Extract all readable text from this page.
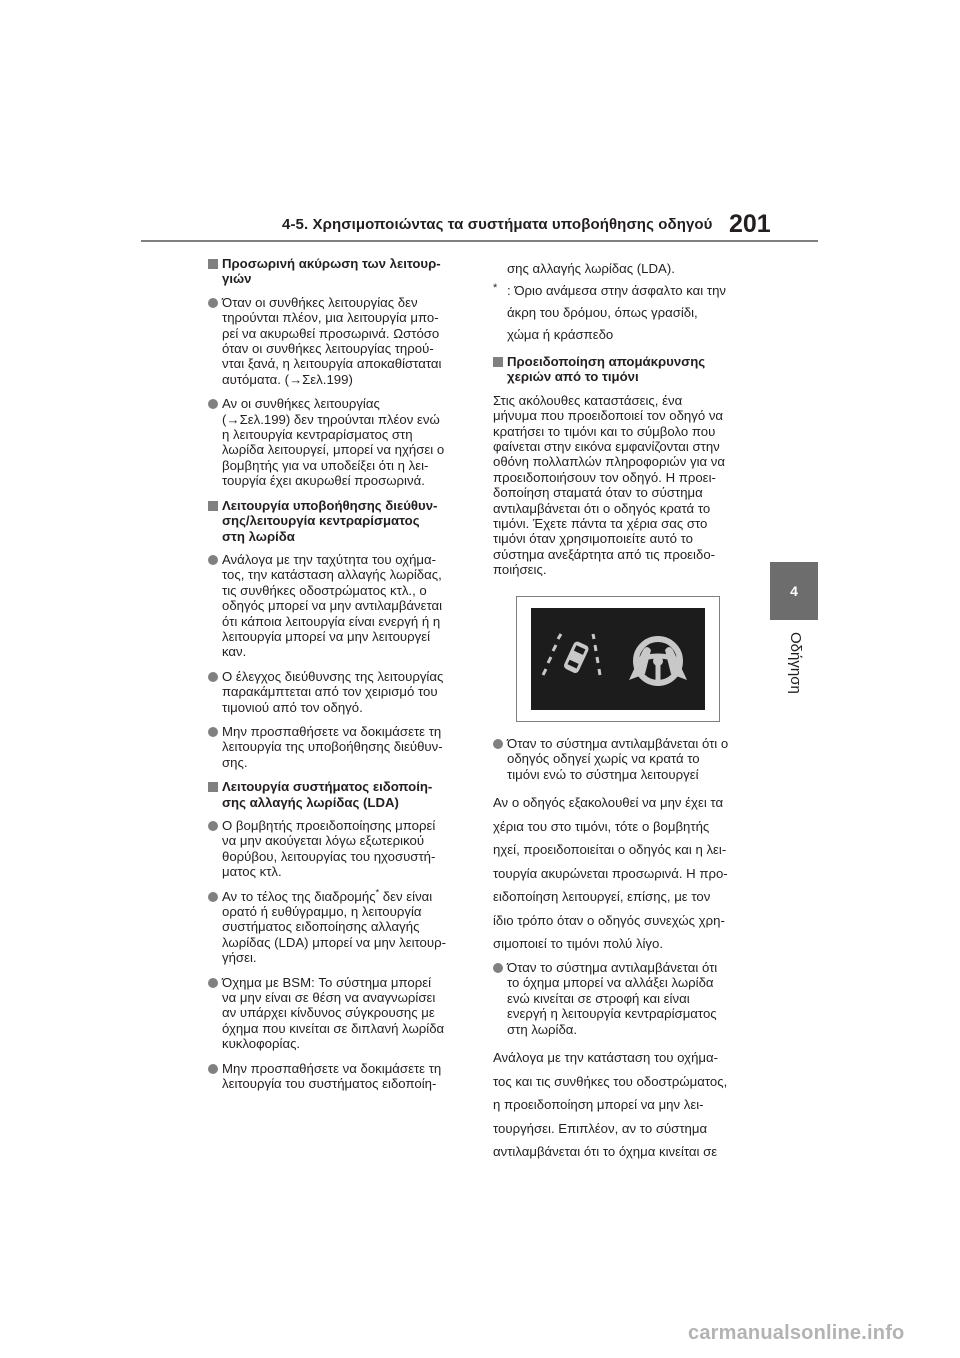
4-5. Χρησιμοποιώντας τα συστήματα υποβοήθησης οδηγού 201
4
Οδήγηση
Προσωρινή ακύρωση των λειτουρ-
γιών
Όταν οι συνθήκες λειτουργίας δεν
τηρούνται πλέον, μια λειτουργία μπο-
ρεί να ακυρωθεί προσωρινά. Ωστόσο
όταν οι συνθήκες λειτουργίας τηρού-
νται ξανά, η λειτουργία αποκαθίσταται
αυτόματα. (→Σελ.199)
Αν οι συνθήκες λειτουργίας
(→Σελ.199) δεν τηρούνται πλέον ενώ
η λειτουργία κεντραρίσματος στη
λωρίδα λειτουργεί, μπορεί να ηχήσει ο
βομβητής για να υποδείξει ότι η λει-
τουργία έχει ακυρωθεί προσωρινά.
Λειτουργία υποβοήθησης διεύθυν-
σης/λειτουργία κεντραρίσματος
στη λωρίδα
Ανάλογα με την ταχύτητα του οχήμα-
τος, την κατάσταση αλλαγής λωρίδας,
τις συνθήκες οδοστρώματος κτλ., ο
οδηγός μπορεί να μην αντιλαμβάνεται
ότι κάποια λειτουργία είναι ενεργή ή η
λειτουργία μπορεί να μην λειτουργεί
καν.
Ο έλεγχος διεύθυνσης της λειτουργίας
παρακάμπτεται από τον χειρισμό του
τιμονιού από τον οδηγό.
Μην προσπαθήσετε να δοκιμάσετε τη
λειτουργία της υποβοήθησης διεύθυν-
σης.
Λειτουργία συστήματος ειδοποίη-
σης αλλαγής λωρίδας (LDA)
Ο βομβητής προειδοποίησης μπορεί
να μην ακούγεται λόγω εξωτερικού
θορύβου, λειτουργίας του ηχοσυστή-
ματος κτλ.
Αν το τέλος της διαδρομής* δεν είναι
ορατό ή ευθύγραμμο, η λειτουργία
συστήματος ειδοποίησης αλλαγής
λωρίδας (LDA) μπορεί να μην λειτουρ-
γήσει.
Όχημα με BSM: Το σύστημα μπορεί
να μην είναι σε θέση να αναγνωρίσει
αν υπάρχει κίνδυνος σύγκρουσης με
όχημα που κινείται σε διπλανή λωρίδα
κυκλοφορίας.
Μην προσπαθήσετε να δοκιμάσετε τη
λειτουργία του συστήματος ειδοποίη-
σης αλλαγής λωρίδας (LDA).
* : Όριο ανάμεσα στην άσφαλτο και την
άκρη του δρόμου, όπως γρασίδι,
χώμα ή κράσπεδο
Προειδοποίηση απομάκρυνσης
χεριών από το τιμόνι
Στις ακόλουθες καταστάσεις, ένα
μήνυμα που προειδοποιεί τον οδηγό να
κρατήσει το τιμόνι και το σύμβολο που
φαίνεται στην εικόνα εμφανίζονται στην
οθόνη πολλαπλών πληροφοριών για να
προειδοποιήσουν τον οδηγό. Η προει-
δοποίηση σταματά όταν το σύστημα
αντιλαμβάνεται ότι ο οδηγός κρατά το
τιμόνι. Έχετε πάντα τα χέρια σας στο
τιμόνι όταν χρησιμοποιείτε αυτό το
σύστημα ανεξάρτητα από τις προειδο-
ποιήσεις.
Όταν το σύστημα αντιλαμβάνεται ότι ο
οδηγός οδηγεί χωρίς να κρατά το
τιμόνι ενώ το σύστημα λειτουργεί
Αν ο οδηγός εξακολουθεί να μην έχει τα
χέρια του στο τιμόνι, τότε ο βομβητής
ηχεί, προειδοποιείται ο οδηγός και η λει-
τουργία ακυρώνεται προσωρινά. Η προ-
ειδοποίηση λειτουργεί, επίσης, με τον
ίδιο τρόπο όταν ο οδηγός συνεχώς χρη-
σιμοποιεί το τιμόνι πολύ λίγο.
Όταν το σύστημα αντιλαμβάνεται ότι
το όχημα μπορεί να αλλάξει λωρίδα
ενώ κινείται σε στροφή και είναι
ενεργή η λειτουργία κεντραρίσματος
στη λωρίδα.
Ανάλογα με την κατάσταση του οχήμα-
τος και τις συνθήκες του οδοστρώματος,
η προειδοποίηση μπορεί να μην λει-
τουργήσει. Επιπλέον, αν το σύστημα
αντιλαμβάνεται ότι το όχημα κινείται σε
carmanualsonline.info
